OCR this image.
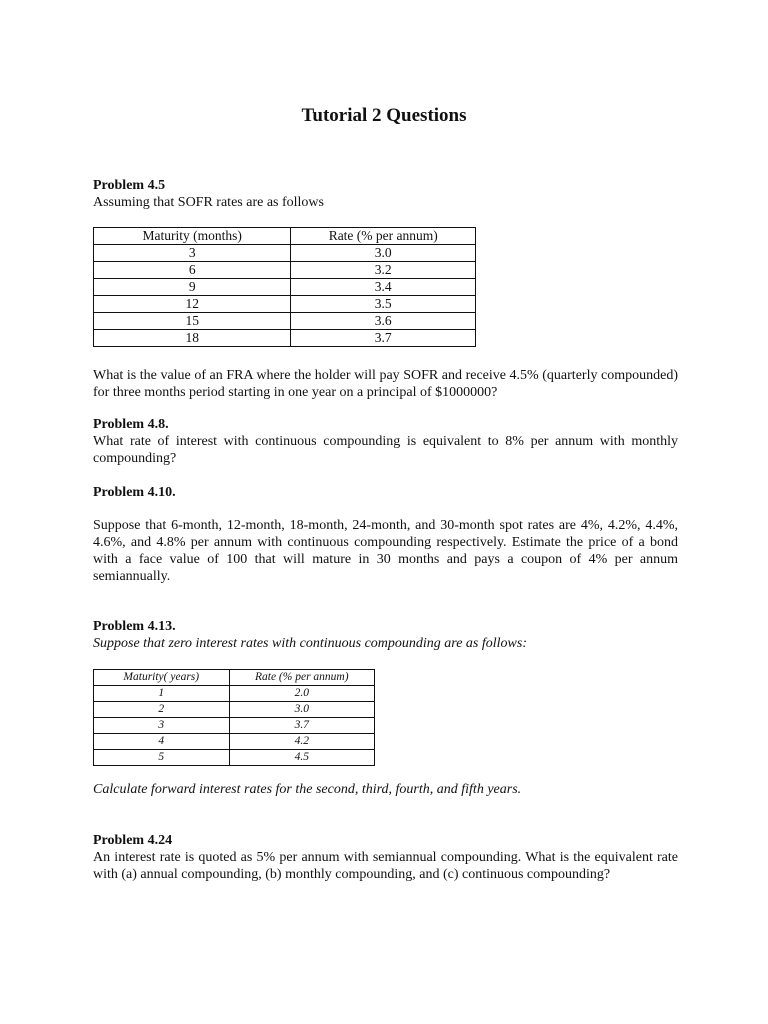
Tutorial 2 Questions
Problem 4.5
Assuming that SOFR rates are as follows
Maturity (months)	Rate (% per annum)
3	3.0
6	3.2
9	3.4
12	3.5
15	3.6
18	3.7
What is the value of an FRA where the holder will pay SOFR and receive 4.5% (quarterly compounded) for three months period starting in one year on a principal of $1000000?
Problem 4.8.
What rate of interest with continuous compounding is equivalent to 8% per annum with monthly compounding?
Problem 4.10.
Suppose that 6-month, 12-month, 18-month, 24-month, and 30-month spot rates are 4%, 4.2%, 4.4%, 4.6%, and 4.8% per annum with continuous compounding respectively. Estimate the price of a bond with a face value of 100 that will mature in 30 months and pays a coupon of 4% per annum semiannually.
Problem 4.13.
Suppose that zero interest rates with continuous compounding are as follows:
Maturity( years)	Rate (% per annum)
1	2.0
2	3.0
3	3.7
4	4.2
5	4.5
Calculate forward interest rates for the second, third, fourth, and fifth years.
Problem 4.24
An interest rate is quoted as 5% per annum with semiannual compounding. What is the equivalent rate with (a) annual compounding, (b) monthly compounding, and (c) continuous compounding?
